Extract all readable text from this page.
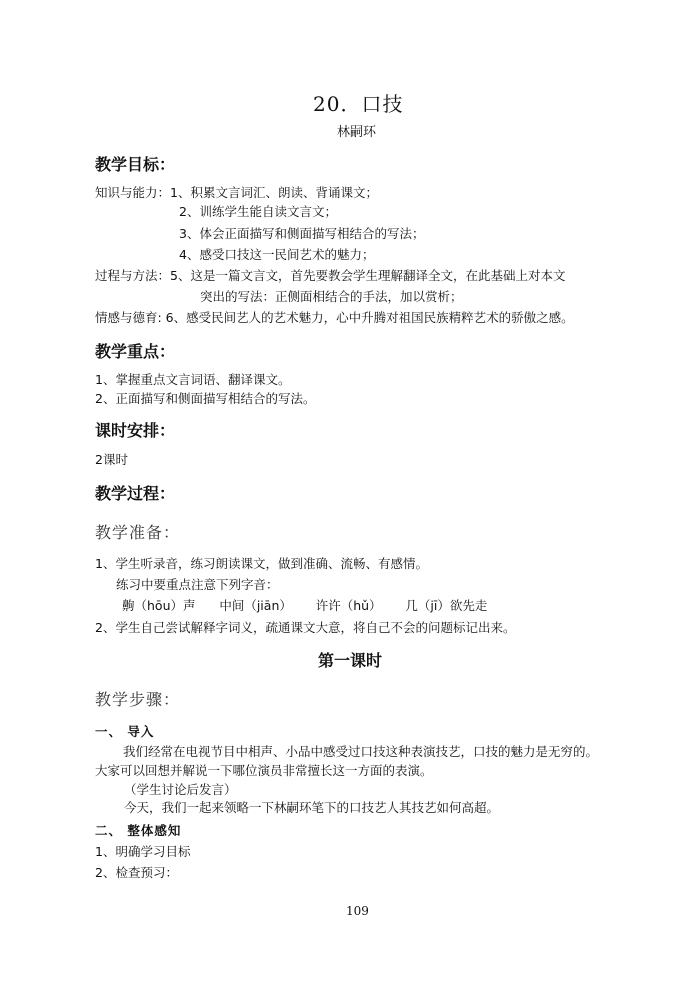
20．口技
林嗣环
教学目标：
知识与能力：1、积累文言词汇、朗读、背诵课文；
2、训练学生能自读文言文；
3、体会正面描写和侧面描写相结合的写法；
4、感受口技这一民间艺术的魅力；
过程与方法：5、这是一篇文言文，首先要教会学生理解翻译全文，在此基础上对本文
突出的写法：正侧面相结合的手法，加以赏析；
情感与德育: 6、感受民间艺人的艺术魅力，心中升腾对祖国民族精粹艺术的骄傲之感。
教学重点：
1、掌握重点文言词语、翻译课文。
2、正面描写和侧面描写相结合的写法。
课时安排：
2课时
教学过程：
教学准备：
1、学生听录音，练习朗读课文，做到准确、流畅、有感情。
练习中要重点注意下列字音：
齁（hōu）声      中间（jiān）      许许（hǔ）      几（jī）欲先走
2、学生自己尝试解释字词义，疏通课文大意，将自己不会的问题标记出来。
第一课时
教学步骤：
一、 导入
我们经常在电视节目中相声、小品中感受过口技这种表演技艺，口技的魅力是无穷的。大家可以回想并解说一下哪位演员非常擅长这一方面的表演。
（学生讨论后发言）
今天，我们一起来领略一下林嗣环笔下的口技艺人其技艺如何高超。
二、 整体感知
1、明确学习目标
2、检查预习：
109
